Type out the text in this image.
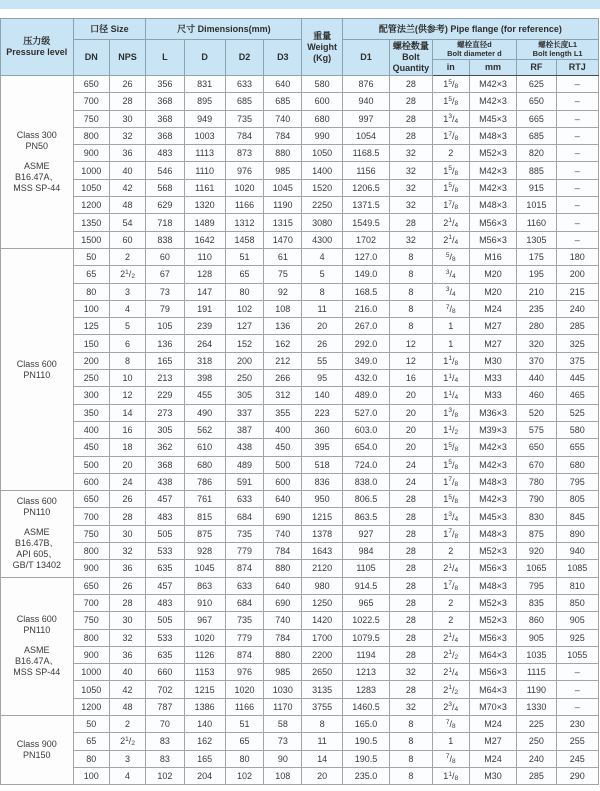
压力级
Pressure level
	口径 Size	尺寸 Dimensions(mm)	
重量
Weight
(Kg)
	配管法兰(供参考) Pipe flange (for reference)
DN	NPS	L	D	D2	D3	D1	
螺栓数量
Bolt
Quantity

螺栓直径d
Bolt diameter d

螺栓长度L1
Bolt length L1

										in	mm	RF	RTJ

Class 300
PN50
ASME B16.47A、
MSS SP-44	650	26	356	831	633	640	580	876	28	$1^5/_8$	M42×3	625	–
	700	28	368	895	685	685	600	940	28	$1^5/_8$	M42×3	650	–
	750	30	368	949	735	740	680	997	28	$1^3/_4$	M45×3	665	–
	800	32	368	1003	784	784	990	1054	28	$1^7/_8$	M48×3	685	–
	900	36	483	1113	873	880	1050	1168.5	32	2	M52×3	820	–
	1000	40	546	1110	976	985	1400	1156	32	$1^5/_8$	M42×3	885	–
	1050	42	568	1161	1020	1045	1520	1206.5	32	$1^5/_8$	M42×3	915	–
	1200	48	629	1320	1166	1190	2250	1371.5	32	$1^7/_8$	M48×3	1015	–
	1350	54	718	1489	1312	1315	3080	1549.5	28	$2^1/_4$	M56×3	1160	–
	1500	60	838	1642	1458	1470	4300	1702	32	$2^1/_4$	M56×3	1305	–

Class 600
PN110	50	2	60	110	51	61	4	127.0	8	$^5/_8$	M16	175	180
	65	$2^1/_2$	67	128	65	75	5	149.0	8	$^3/_4$	M20	195	200
	80	3	73	147	80	92	8	168.5	8	$^3/_4$	M20	210	215
	100	4	79	191	102	108	11	216.0	8	$^7/_8$	M24	235	240
	125	5	105	239	127	136	20	267.0	8	1	M27	280	285
	150	6	136	264	152	162	26	292.0	12	1	M27	320	325
	200	8	165	318	200	212	55	349.0	12	$1^1/_8$	M30	370	375
	250	10	213	398	250	266	95	432.0	16	$1^1/_4$	M33	440	445
	300	12	229	455	305	312	140	489.0	20	$1^1/_4$	M33	460	465
	350	14	273	490	337	355	223	527.0	20	$1^3/_8$	M36×3	520	525
	400	16	305	562	387	400	360	603.0	20	$1^1/_2$	M39×3	575	580
	450	18	362	610	438	450	395	654.0	20	$1^5/_8$	M42×3	650	655
	500	20	368	680	489	500	518	724.0	24	$1^5/_8$	M42×3	670	680
	600	24	438	786	591	600	836	838.0	24	$1^7/_8$	M48×3	780	795

Class 600
PN110
ASME B16.47B、
API 605、
GB/T 13402	650	26	457	761	633	640	950	806.5	28	$1^5/_8$	M42×3	790	805
	700	28	483	815	684	690	1215	863.5	28	$1^3/_4$	M45×3	830	845
	750	30	505	875	735	740	1378	927	28	$1^7/_8$	M48×3	875	890
	800	32	533	928	779	784	1643	984	28	2	M52×3	920	940
	900	36	635	1045	874	880	2120	1105	28	$2^1/_4$	M56×3	1065	1085

Class 600
PN110
ASME B16.47A、
MSS SP-44	650	26	457	863	633	640	980	914.5	28	$1^7/_8$	M48×3	795	810
	700	28	483	910	684	690	1250	965	28	2	M52×3	835	850
	750	30	505	967	735	740	1420	1022.5	28	2	M52×3	860	905
	800	32	533	1020	779	784	1700	1079.5	28	$2^1/_4$	M56×3	905	925
	900	36	635	1126	874	880	2200	1194	28	$2^1/_2$	M64×3	1035	1055
	1000	40	660	1153	976	985	2650	1213	32	$2^1/_4$	M56×3	1115	–
	1050	42	702	1215	1020	1030	3135	1283	28	$2^1/_2$	M64×3	1190	–
	1200	48	787	1386	1166	1170	3755	1460.5	32	$2^3/_4$	M70×3	1330	–

Class 900
PN150	50	2	70	140	51	58	8	165.0	8	$^7/_8$	M24	225	230
	65	$2^1/_2$	83	162	65	73	11	190.5	8	1	M27	250	255
	80	3	83	165	80	90	14	190.5	8	$^7/_8$	M24	240	245
	100	4	102	204	102	108	20	235.0	8	$1^1/_8$	M30	285	290
